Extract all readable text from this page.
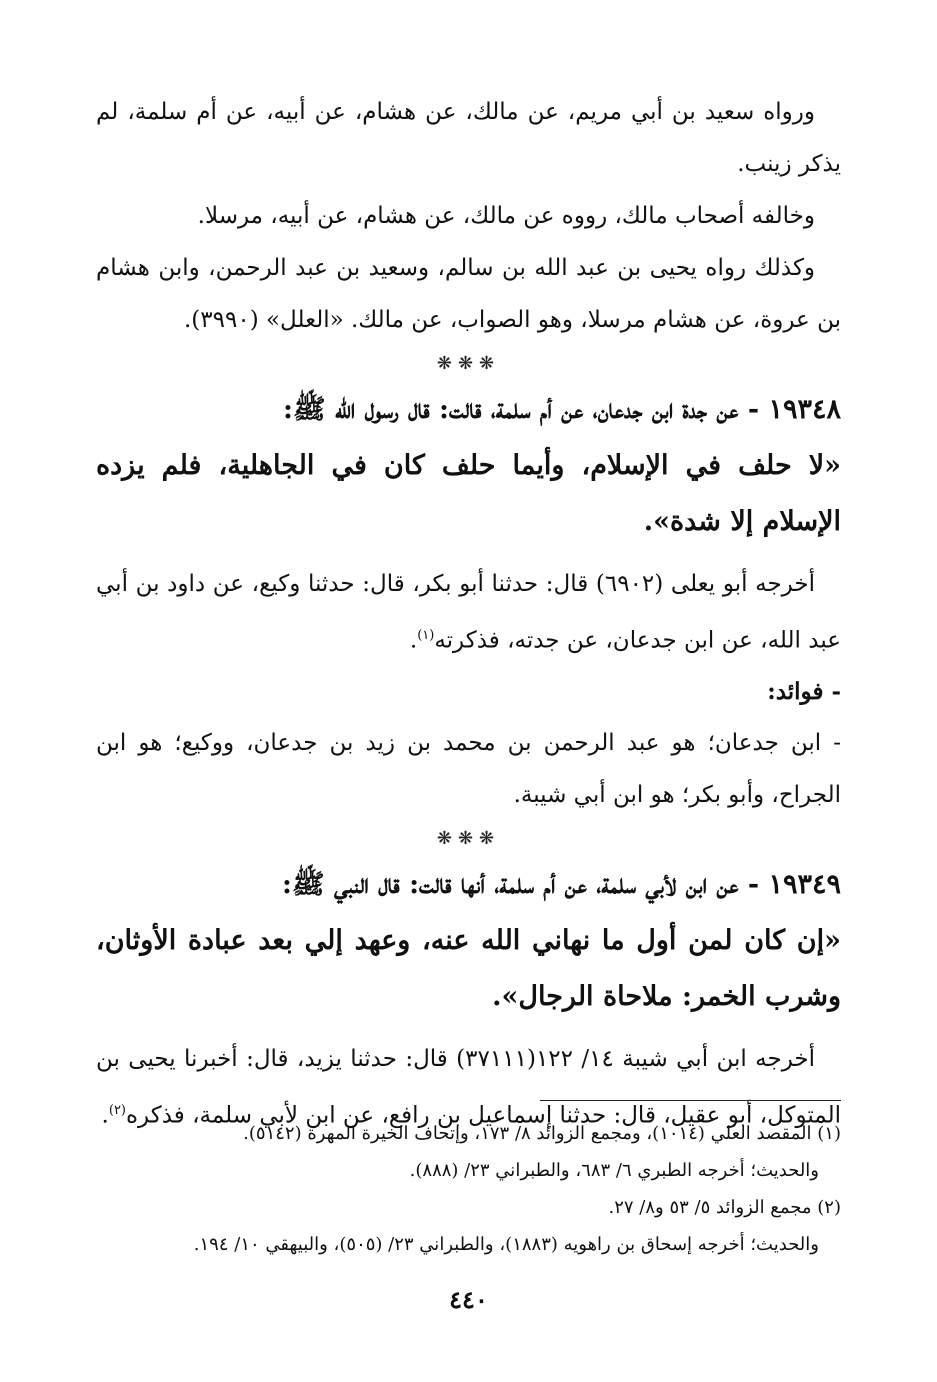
ورواه سعيد بن أبي مريم، عن مالك، عن هشام، عن أبيه، عن أم سلمة، لم يذكر زينب.

وخالفه أصحاب مالك، رووه عن مالك، عن هشام، عن أبيه، مرسلا.

وكذلك رواه يحيى بن عبد الله بن سالم، وسعيد بن عبد الرحمن، وابن هشام بن عروة، عن هشام مرسلا، وهو الصواب، عن مالك. «العلل» (٣٩٩٠).

❋❋❋

١٩٣٤٨ - عن جدة ابن جدعان، عن أم سلمة، قالت: قال رسول الله ﷺ:

«لا حلف في الإسلام، وأيما حلف كان في الجاهلية، فلم يزده الإسلام إلا شدة».

أخرجه أبو يعلى (٦٩٠٢) قال: حدثنا أبو بكر، قال: حدثنا وكيع، عن داود بن أبي عبد الله، عن ابن جدعان، عن جدته، فذكرته$^{(١)}$.

- فوائد:

- ابن جدعان؛ هو عبد الرحمن بن محمد بن زيد بن جدعان، ووكيع؛ هو ابن الجراح، وأبو بكر؛ هو ابن أبي شيبة.

❋❋❋

١٩٣٤٩ - عن ابن لأبي سلمة، عن أم سلمة، أنها قالت: قال النبي ﷺ:

«إن كان لمن أول ما نهاني الله عنه، وعهد إلي بعد عبادة الأوثان، وشرب الخمر: ملاحاة الرجال».

أخرجه ابن أبي شيبة ١٤/ ١٢٢(٣٧١١١) قال: حدثنا يزيد، قال: أخبرنا يحيى بن المتوكل، أبو عقيل، قال: حدثنا إسماعيل بن رافع، عن ابن لأبي سلمة، فذكره$^{(٢)}$.

(١) المقصد العلي (١٠١٤)، ومجمع الزوائد ٨/ ١٧٣، وإتحاف الخيرة المهرة (٥١٤٢).

والحديث؛ أخرجه الطبري ٦/ ٦٨٣، والطبراني ٢٣/ (٨٨٨).

(٢) مجمع الزوائد ٥/ ٥٣ و٨/ ٢٧.

والحديث؛ أخرجه إسحاق بن راهويه (١٨٨٣)، والطبراني ٢٣/ (٥٠٥)، والبيهقي ١٠/ ١٩٤.

٤٤٠
